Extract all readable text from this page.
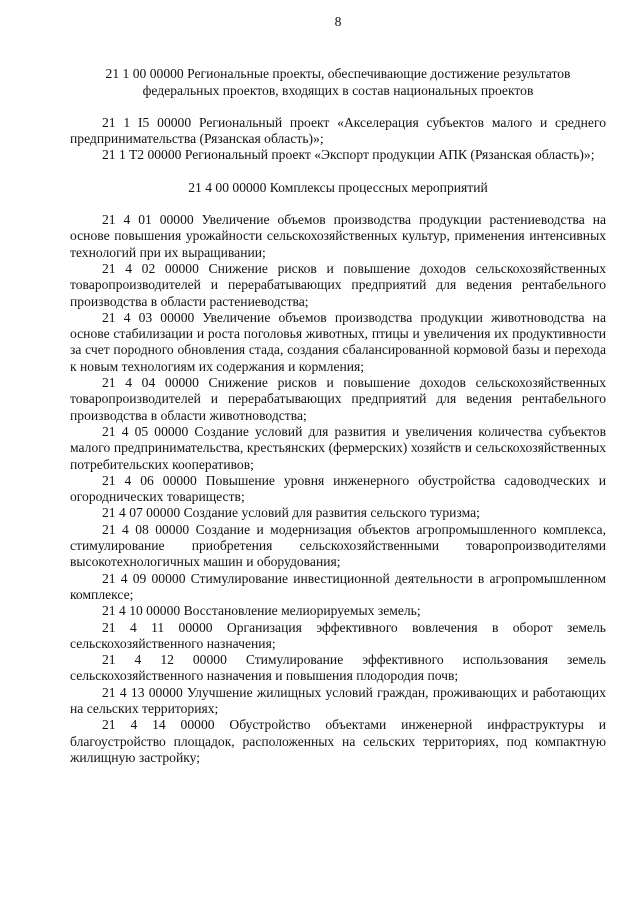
8
21 1 00 00000 Региональные проекты, обеспечивающие достижение результатов федеральных проектов, входящих в состав национальных проектов

21 1 I5 00000 Региональный проект «Акселерация субъектов малого и среднего предпринимательства (Рязанская область)»;

21 1 T2 00000 Региональный проект «Экспорт продукции АПК (Рязанская область)»;

21 4 00 00000 Комплексы процессных мероприятий

21 4 01 00000 Увеличение объемов производства продукции растениеводства на основе повышения урожайности сельскохозяйственных культур, применения интенсивных технологий при их выращивании;

21 4 02 00000 Снижение рисков и повышение доходов сельскохозяйственных товаропроизводителей и перерабатывающих предприятий для ведения рентабельного производства в области растениеводства;

21 4 03 00000 Увеличение объемов производства продукции животноводства на основе стабилизации и роста поголовья животных, птицы и увеличения их продуктивности за счет породного обновления стада, создания сбалансированной кормовой базы и перехода к новым технологиям их содержания и кормления;

21 4 04 00000 Снижение рисков и повышение доходов сельскохозяйственных товаропроизводителей и перерабатывающих предприятий для ведения рентабельного производства в области животноводства;

21 4 05 00000 Создание условий для развития и увеличения количества субъектов малого предпринимательства, крестьянских (фермерских) хозяйств и сельскохозяйственных потребительских кооперативов;

21 4 06 00000 Повышение уровня инженерного обустройства садоводческих и огороднических товариществ;

21 4 07 00000 Создание условий для развития сельского туризма;

21 4 08 00000 Создание и модернизация объектов агропромышленного комплекса, стимулирование приобретения сельскохозяйственными товаропроизводителями высокотехнологичных машин и оборудования;

21 4 09 00000 Стимулирование инвестиционной деятельности в агропромышленном комплексе;

21 4 10 00000 Восстановление мелиорируемых земель;

21 4 11 00000 Организация эффективного вовлечения в оборот земель сельскохозяйственного назначения;

21 4 12 00000 Стимулирование эффективного использования земель сельскохозяйственного назначения и повышения плодородия почв;

21 4 13 00000 Улучшение жилищных условий граждан, проживающих и работающих на сельских территориях;

21 4 14 00000 Обустройство объектами инженерной инфраструктуры и благоустройство площадок, расположенных на сельских территориях, под компактную жилищную застройку;
